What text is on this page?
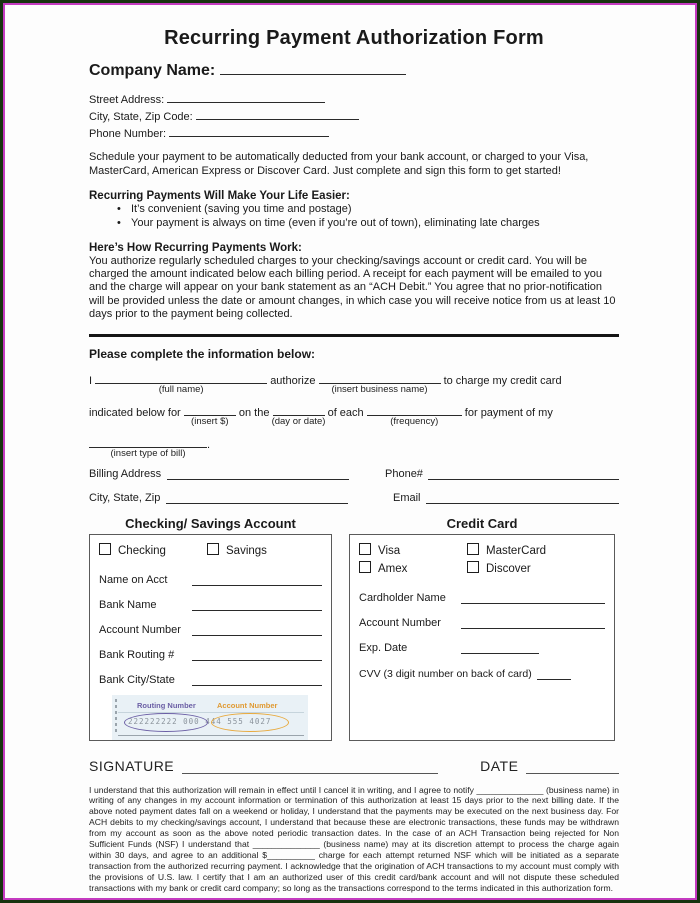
Recurring Payment Authorization Form
Company Name:
Street Address:
City, State, Zip Code:
Phone Number:

Schedule your payment to be automatically deducted from your bank account, or charged to your Visa, MasterCard, American Express or Discover Card. Just complete and sign this form to get started!

Recurring Payments Will Make Your Life Easier:
• It’s convenient (saving you time and postage)
• Your payment is always on time (even if you’re out of town), eliminating late charges
Here’s How Recurring Payments Work:

You authorize regularly scheduled charges to your checking/savings account or credit card. You will be charged the amount indicated below each billing period. A receipt for each payment will be emailed to you and the charge will appear on your bank statement as an “ACH Debit.” You agree that no prior-notification will be provided unless the date or amount changes, in which case you will receive notice from us at least 10 days prior to the payment being collected.

Please complete the information below:
I
(full name)
authorize
(insert business name)
to charge my credit card
indicated below for
(insert $)
on the
(day or date)
of each
(frequency)
for payment of my
(insert type of bill)
.
Billing Address	Phone#
City, State, Zip	Email
Checking/ Savings Account
Checking	Savings
Name on Acct
Bank Name
Account Number
Bank Routing #
Bank City/State
Routing Number	Account Number
222222222 000 444 555 4027
Credit Card
Visa	MasterCard
Amex	Discover
Cardholder Name
Account Number
Exp. Date
CVV (3 digit number on back of card)
SIGNATURE	DATE

I understand that this authorization will remain in effect until I cancel it in writing, and I agree to notify ______________ (business name) in writing of any changes in my account information or termination of this authorization at least 15 days prior to the next billing date. If the above noted payment dates fall on a weekend or holiday, I understand that the payments may be executed on the next business day. For ACH debits to my checking/savings account, I understand that because these are electronic transactions, these funds may be withdrawn from my account as soon as the above noted periodic transaction dates. In the case of an ACH Transaction being rejected for Non Sufficient Funds (NSF) I understand that ______________ (business name) may at its discretion attempt to process the charge again within 30 days, and agree to an additional $__________ charge for each attempt returned NSF which will be initiated as a separate transaction from the authorized recurring payment. I acknowledge that the origination of ACH transactions to my account must comply with the provisions of U.S. law. I certify that I am an authorized user of this credit card/bank account and will not dispute these scheduled transactions with my bank or credit card company; so long as the transactions correspond to the terms indicated in this authorization form.
